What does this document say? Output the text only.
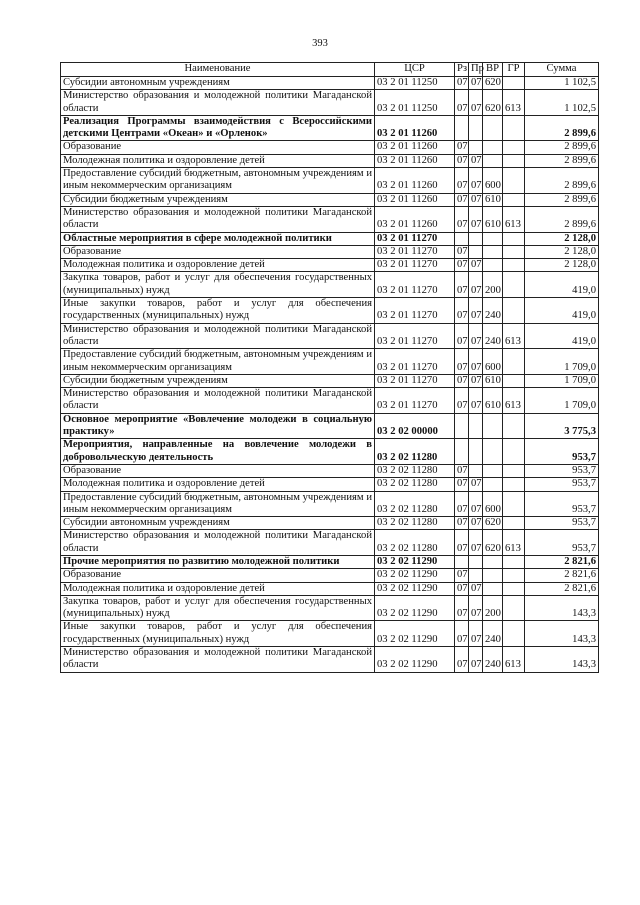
393
Наименование	ЦСР	Рз	Пр	ВР	ГР	Сумма
Субсидии автономным учреждениям	03 2 01 11250	07	07	620		1 102,5
Министерство образования и молодежной политики Магаданской области	03 2 01 11250	07	07	620	613	1 102,5
Реализация Программы взаимодействия с Всероссийскими детскими Центрами «Океан» и «Орленок»	03 2 01 11260					2 899,6
Образование	03 2 01 11260	07				2 899,6
Молодежная политика и оздоровление детей	03 2 01 11260	07	07			2 899,6
Предоставление субсидий бюджетным, автономным учреждениям и иным некоммерческим организациям	03 2 01 11260	07	07	600		2 899,6
Субсидии бюджетным учреждениям	03 2 01 11260	07	07	610		2 899,6
Министерство образования и молодежной политики Магаданской области	03 2 01 11260	07	07	610	613	2 899,6
Областные мероприятия в сфере молодежной политики	03 2 01 11270					2 128,0
Образование	03 2 01 11270	07				2 128,0
Молодежная политика и оздоровление детей	03 2 01 11270	07	07			2 128,0
Закупка товаров, работ и услуг для обеспечения государственных (муниципальных) нужд	03 2 01 11270	07	07	200		419,0
Иные закупки товаров, работ и услуг для обеспечения государственных (муниципальных) нужд	03 2 01 11270	07	07	240		419,0
Министерство образования и молодежной политики Магаданской области	03 2 01 11270	07	07	240	613	419,0
Предоставление субсидий бюджетным, автономным учреждениям и иным некоммерческим организациям	03 2 01 11270	07	07	600		1 709,0
Субсидии бюджетным учреждениям	03 2 01 11270	07	07	610		1 709,0
Министерство образования и молодежной политики Магаданской области	03 2 01 11270	07	07	610	613	1 709,0
Основное мероприятие «Вовлечение молодежи в социальную практику»	03 2 02 00000					3 775,3
Мероприятия, направленные на вовлечение молодежи в добровольческую деятельность	03 2 02 11280					953,7
Образование	03 2 02 11280	07				953,7
Молодежная политика и оздоровление детей	03 2 02 11280	07	07			953,7
Предоставление субсидий бюджетным, автономным учреждениям и иным некоммерческим организациям	03 2 02 11280	07	07	600		953,7
Субсидии автономным учреждениям	03 2 02 11280	07	07	620		953,7
Министерство образования и молодежной политики Магаданской области	03 2 02 11280	07	07	620	613	953,7
Прочие мероприятия по развитию молодежной политики	03 2 02 11290					2 821,6
Образование	03 2 02 11290	07				2 821,6
Молодежная политика и оздоровление детей	03 2 02 11290	07	07			2 821,6
Закупка товаров, работ и услуг для обеспечения государственных (муниципальных) нужд	03 2 02 11290	07	07	200		143,3
Иные закупки товаров, работ и услуг для обеспечения государственных (муниципальных) нужд	03 2 02 11290	07	07	240		143,3
Министерство образования и молодежной политики Магаданской области	03 2 02 11290	07	07	240	613	143,3
